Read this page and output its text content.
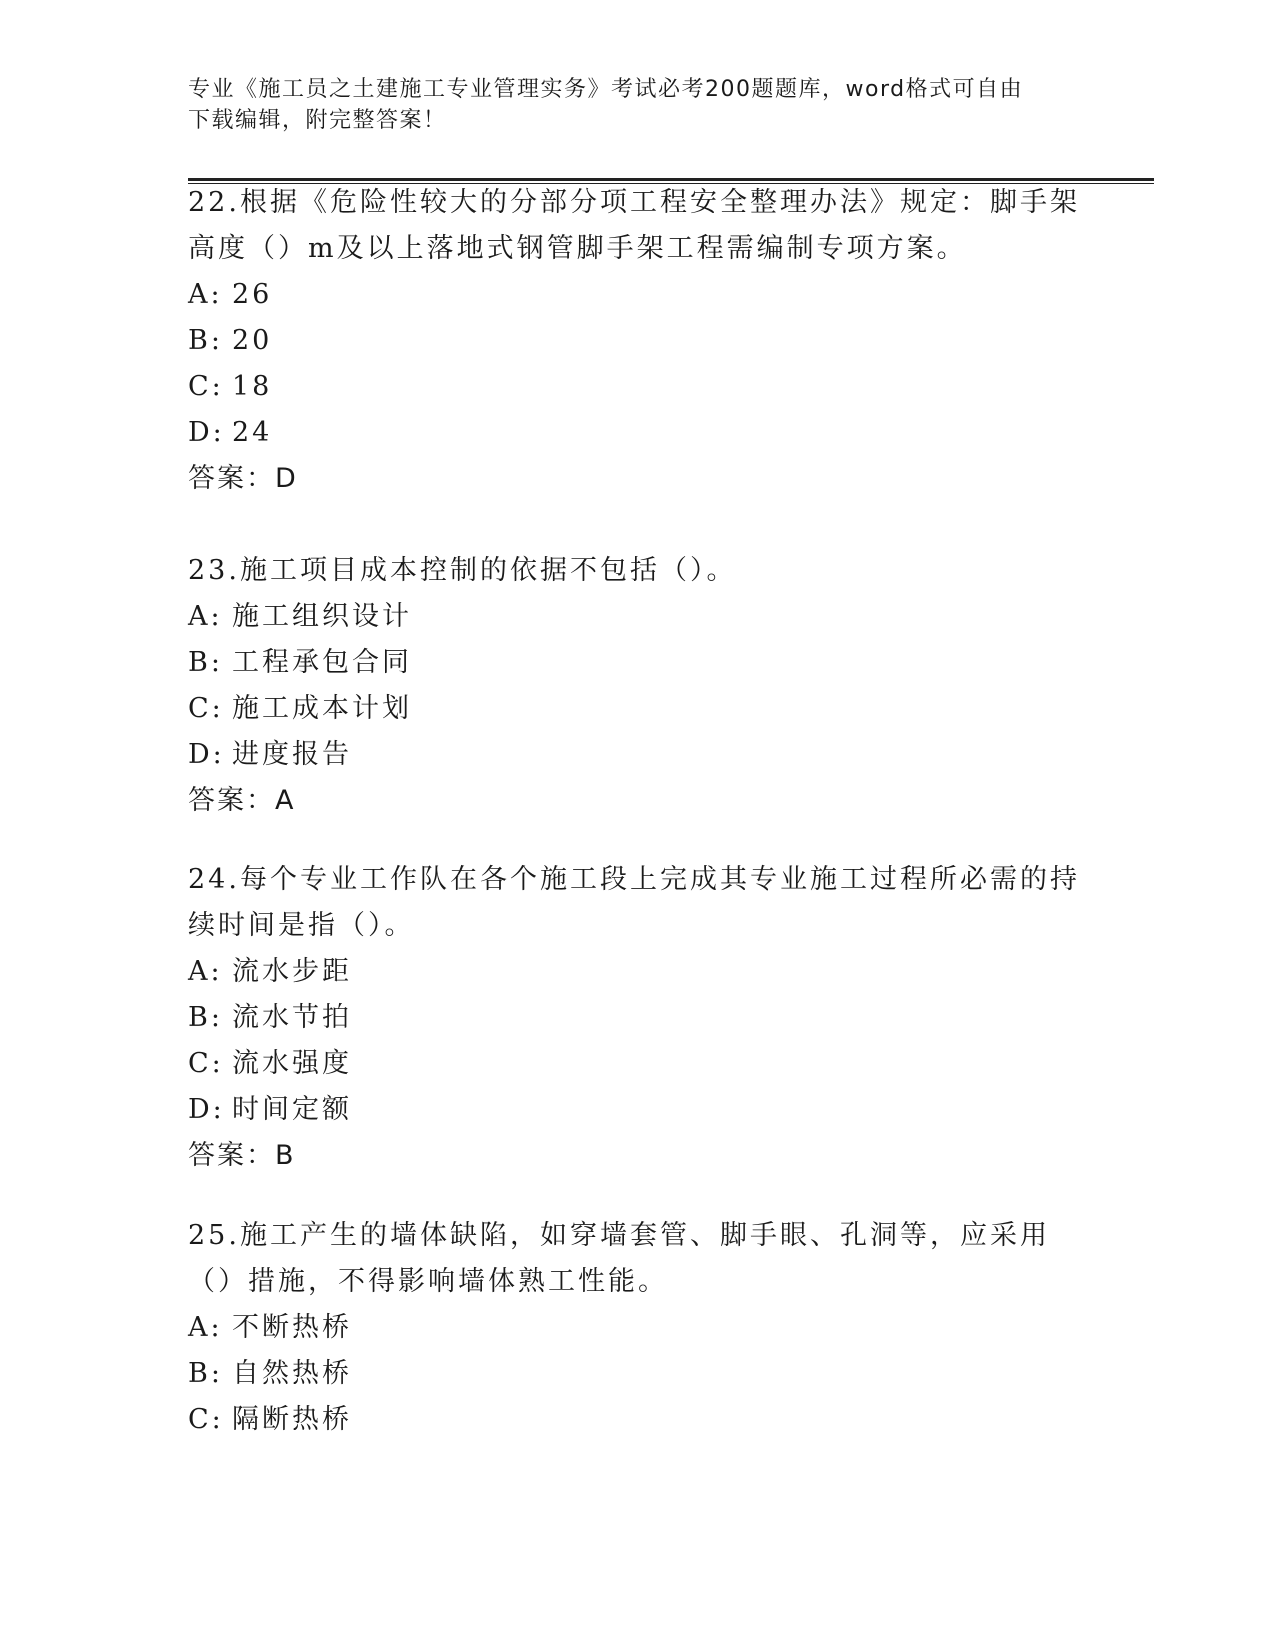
专业《施工员之土建施工专业管理实务》考试必考200题题库，word格式可自由
下载编辑，附完整答案！

22.根据《危险性较大的分部分项工程安全整理办法》规定：脚手架高度（）m及以上落地式钢管脚手架工程需编制专项方案。

A: 26

B: 20

C: 18

D: 24

答案：D

23.施工项目成本控制的依据不包括（）。

A: 施工组织设计

B: 工程承包合同

C: 施工成本计划

D: 进度报告

答案：A

24.每个专业工作队在各个施工段上完成其专业施工过程所必需的持续时间是指（）。

A: 流水步距

B: 流水节拍

C: 流水强度

D: 时间定额

答案：B

25.施工产生的墙体缺陷，如穿墙套管、脚手眼、孔洞等，应采用（）措施，不得影响墙体熟工性能。

A: 不断热桥

B: 自然热桥

C: 隔断热桥
